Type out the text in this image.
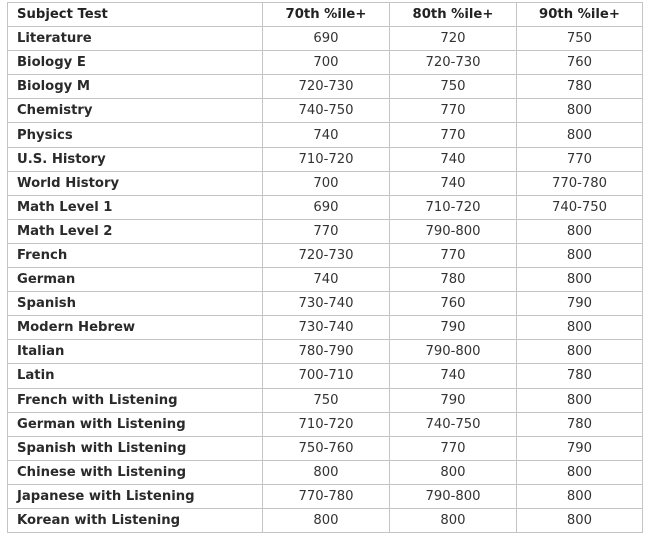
Subject Test	70th %ile+	80th %ile+	90th %ile+
Literature	690	720	750
Biology E	700	720-730	760
Biology M	720-730	750	780
Chemistry	740-750	770	800
Physics	740	770	800
U.S. History	710-720	740	770
World History	700	740	770-780
Math Level 1	690	710-720	740-750
Math Level 2	770	790-800	800
French	720-730	770	800
German	740	780	800
Spanish	730-740	760	790
Modern Hebrew	730-740	790	800
Italian	780-790	790-800	800
Latin	700-710	740	780
French with Listening	750	790	800
German with Listening	710-720	740-750	780
Spanish with Listening	750-760	770	790
Chinese with Listening	800	800	800
Japanese with Listening	770-780	790-800	800
Korean with Listening	800	800	800
